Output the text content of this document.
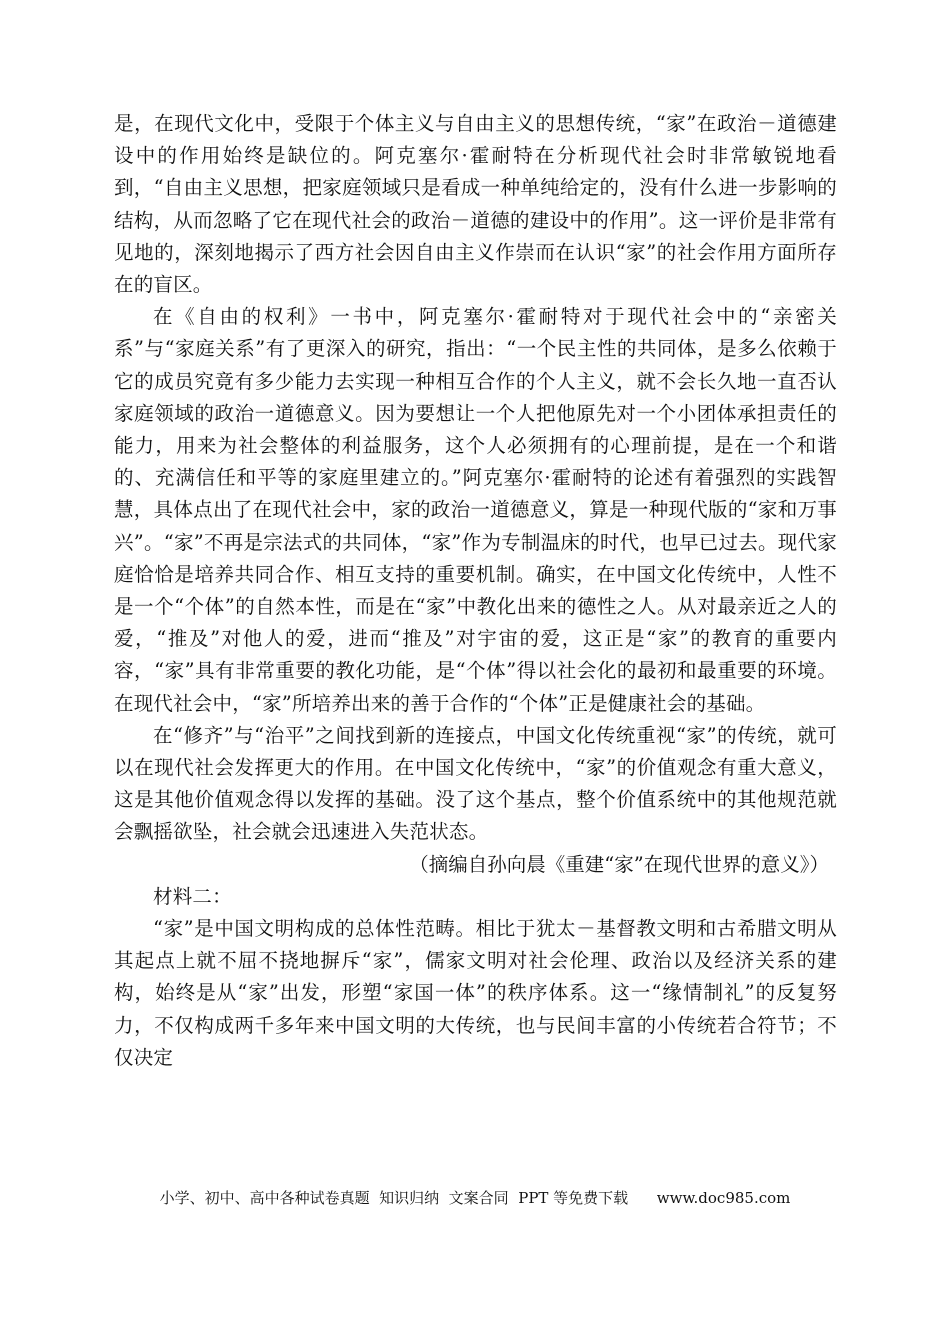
是，在现代文化中，受限于个体主义与自由主义的思想传统，“家”在政治－道德建设中的作用始终是缺位的。阿克塞尔·霍耐特在分析现代社会时非常敏锐地看到，“自由主义思想，把家庭领域只是看成一种单纯给定的，没有什么进一步影响的结构，从而忽略了它在现代社会的政治－道德的建设中的作用”。这一评价是非常有见地的，深刻地揭示了西方社会因自由主义作崇而在认识“家”的社会作用方面所存在的盲区。

在《自由的权利》一书中，阿克塞尔·霍耐特对于现代社会中的“亲密关系”与“家庭关系”有了更深入的研究，指出：“一个民主性的共同体，是多么依赖于它的成员究竟有多少能力去实现一种相互合作的个人主义，就不会长久地一直否认家庭领域的政治一道德意义。因为要想让一个人把他原先对一个小团体承担责任的能力，用来为社会整体的利益服务，这个人必须拥有的心理前提，是在一个和谐的、充满信任和平等的家庭里建立的。”阿克塞尔·霍耐特的论述有着强烈的实践智慧，具体点出了在现代社会中，家的政治一道德意义，算是一种现代版的“家和万事兴”。“家”不再是宗法式的共同体，“家”作为专制温床的时代，也早已过去。现代家庭恰恰是培养共同合作、相互支持的重要机制。确实，在中国文化传统中，人性不是一个“个体”的自然本性，而是在“家”中教化出来的德性之人。从对最亲近之人的爱，“推及”对他人的爱，进而“推及”对宇宙的爱，这正是“家”的教育的重要内容，“家”具有非常重要的教化功能，是“个体”得以社会化的最初和最重要的环境。在现代社会中，“家”所培养出来的善于合作的“个体”正是健康社会的基础。

在“修齐”与“治平”之间找到新的连接点，中国文化传统重视“家”的传统，就可以在现代社会发挥更大的作用。在中国文化传统中，“家”的价值观念有重大意义，这是其他价值观念得以发挥的基础。没了这个基点，整个价值系统中的其他规范就会飘摇欲坠，社会就会迅速进入失范状态。

（摘编自孙向晨《重建“家”在现代世界的意义》）

材料二：

“家”是中国文明构成的总体性范畴。相比于犹太－基督教文明和古希腊文明从其起点上就不屈不挠地摒斥“家”，儒家文明对社会伦理、政治以及经济关系的建构，始终是从“家”出发，形塑“家国一体”的秩序体系。这一“缘情制礼”的反复努力，不仅构成两千多年来中国文明的大传统，也与民间丰富的小传统若合符节；不仅决定

小学、初中、高中各种试卷真题  知识归纳  文案合同  PPT 等免费下载      www.doc985.com
